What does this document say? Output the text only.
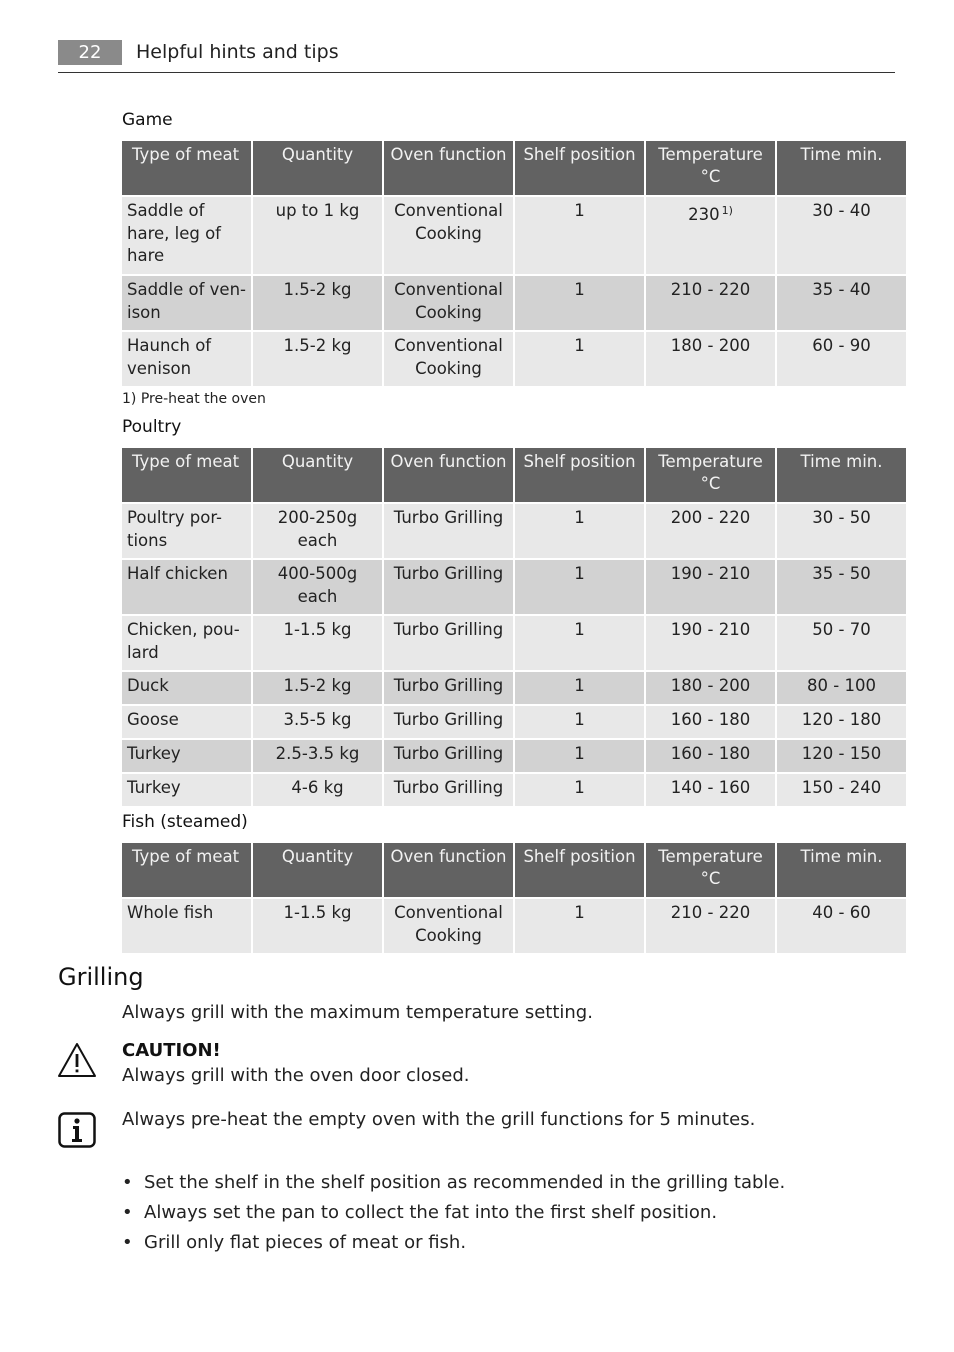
22	Helpful hints and tips
Game
Type of meat	Quantity	Oven function	Shelf position	Temperature °C	Time min.
Saddle of hare, leg of hare	up to 1 kg	Conventional Cooking	1	230 $^{1)}$	30 - 40
Saddle of ven-ison	1.5-2 kg	Conventional Cooking	1	210 - 220	35 - 40
Haunch of venison	1.5-2 kg	Conventional Cooking	1	180 - 200	60 - 90
1) Pre-heat the oven
Poultry
Type of meat	Quantity	Oven function	Shelf position	Temperature °C	Time min.
Poultry por-tions	200-250g each	Turbo Grilling	1	200 - 220	30 - 50
Half chicken	400-500g each	Turbo Grilling	1	190 - 210	35 - 50
Chicken, pou-lard	1-1.5 kg	Turbo Grilling	1	190 - 210	50 - 70
Duck	1.5-2 kg	Turbo Grilling	1	180 - 200	80 - 100
Goose	3.5-5 kg	Turbo Grilling	1	160 - 180	120 - 180
Turkey	2.5-3.5 kg	Turbo Grilling	1	160 - 180	120 - 150
Turkey	4-6 kg	Turbo Grilling	1	140 - 160	150 - 240
Fish (steamed)
Type of meat	Quantity	Oven function	Shelf position	Temperature °C	Time min.
Whole fish	1-1.5 kg	Conventional Cooking	1	210 - 220	40 - 60
Grilling
Always grill with the maximum temperature setting.
CAUTION!
Always grill with the oven door closed.
Always pre-heat the empty oven with the grill functions for 5 minutes.
• Set the shelf in the shelf position as recommended in the grilling table.
• Always set the pan to collect the fat into the first shelf position.
• Grill only flat pieces of meat or fish.
